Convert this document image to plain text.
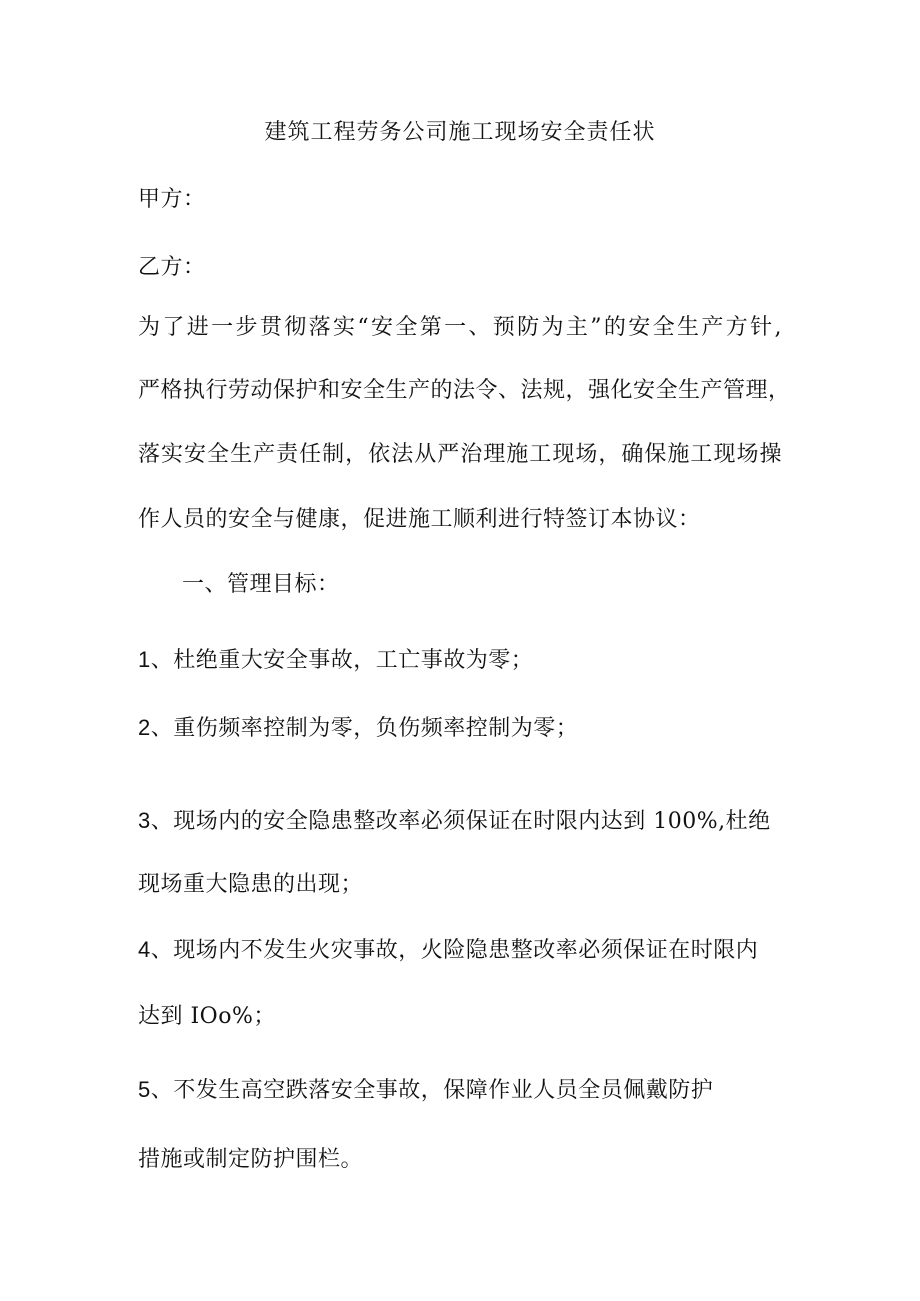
建筑工程劳务公司施工现场安全责任状
甲方：
乙方：
为了进一步贯彻落实“安全第一、预防为主”的安全生产方针,
严格执行劳动保护和安全生产的法令、法规，强化安全生产管理，
落实安全生产责任制，依法从严治理施工现场，确保施工现场操
作人员的安全与健康，促进施工顺利进行特签订本协议：
一、管理目标：
1、杜绝重大安全事故，工亡事故为零；
2、重伤频率控制为零，负伤频率控制为零；
3、现场内的安全隐患整改率必须保证在时限内达到 100%,杜绝
现场重大隐患的出现；
4、现场内不发生火灾事故，火险隐患整改率必须保证在时限内
达到 IOo%；
5、不发生高空跌落安全事故，保障作业人员全员佩戴防护
措施或制定防护围栏。
